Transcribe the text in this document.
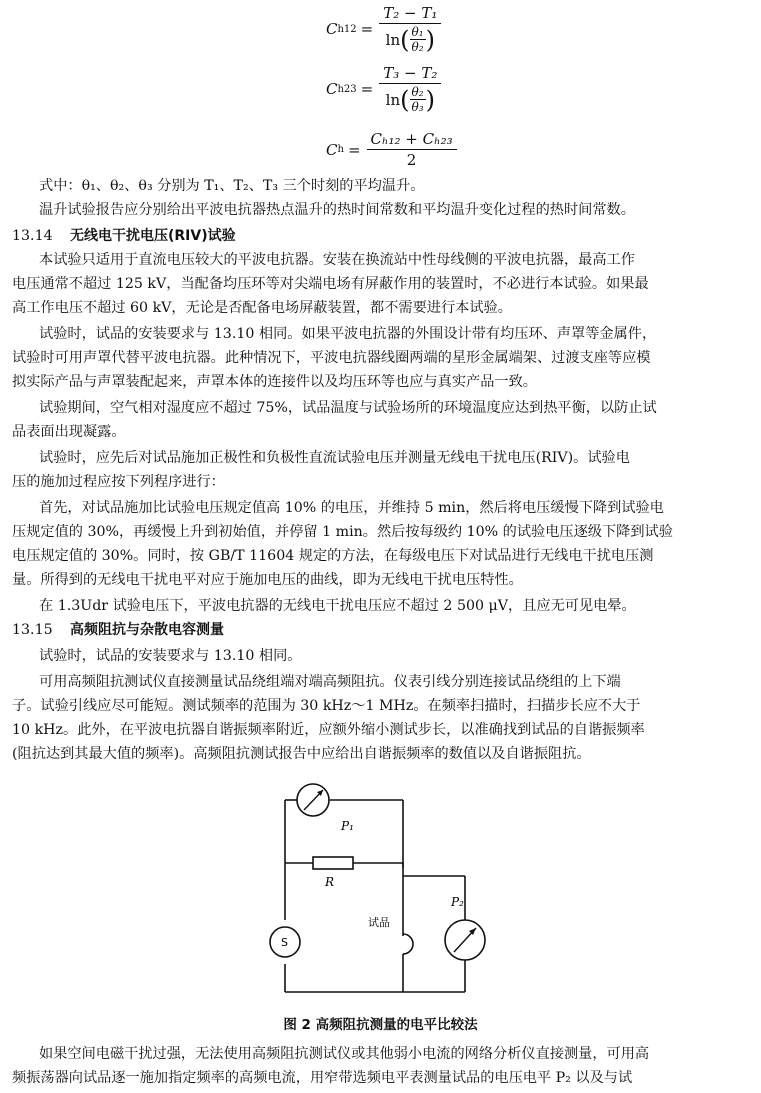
C h12 =
T₂ − T₁
ln ( $\frac{\text{θ₁}}{\text{θ₂}}$ )
C h23 =
T₃ − T₂
ln ( $\frac{\text{θ₂}}{\text{θ₃}}$ )
C $h = \frac{\text{Cₕ₁₂ + Cₕ₂₃}}{2}$
式中：θ₁、θ₂、θ₃ 分别为 T₁、T₂、T₃ 三个时刻的平均温升。
温升试验报告应分别给出平波电抗器热点温升的热时间常数和平均温升变化过程的热时间常数。
13.14 无线电干扰电压(RIV)试验
本试验只适用于直流电压较大的平波电抗器。安装在换流站中性母线侧的平波电抗器，最高工作
电压通常不超过 125 kV，当配备均压环等对尖端电场有屏蔽作用的装置时，不必进行本试验。如果最
高工作电压不超过 60 kV，无论是否配备电场屏蔽装置，都不需要进行本试验。
试验时，试品的安装要求与 13.10 相同。如果平波电抗器的外围设计带有均压环、声罩等金属件，
试验时可用声罩代替平波电抗器。此种情况下，平波电抗器线圈两端的星形金属端架、过渡支座等应模
拟实际产品与声罩装配起来，声罩本体的连接件以及均压环等也应与真实产品一致。
试验期间，空气相对湿度应不超过 75%，试品温度与试验场所的环境温度应达到热平衡，以防止试
品表面出现凝露。
试验时，应先后对试品施加正极性和负极性直流试验电压并测量无线电干扰电压(RIV)。试验电
压的施加过程应按下列程序进行：
首先，对试品施加比试验电压规定值高 10% 的电压，并维持 5 min，然后将电压缓慢下降到试验电
压规定值的 30%，再缓慢上升到初始值，并停留 1 min。然后按每级约 10% 的试验电压逐级下降到试验
电压规定值的 30%。同时，按 GB/T 11604 规定的方法，在每级电压下对试品进行无线电干扰电压测
量。所得到的无线电干扰电平对应于施加电压的曲线，即为无线电干扰电压特性。
在 1.3Udr 试验电压下，平波电抗器的无线电干扰电压应不超过 2 500 μV，且应无可见电晕。
13.15 高频阻抗与杂散电容测量
试验时，试品的安装要求与 13.10 相同。
可用高频阻抗测试仪直接测量试品绕组端对端高频阻抗。仪表引线分别连接试品绕组的上下端
子。试验引线应尽可能短。测试频率的范围为 30 kHz～1 MHz。在频率扫描时，扫描步长应不大于
10 kHz。此外，在平波电抗器自谐振频率附近，应额外缩小测试步长，以准确找到试品的自谐振频率
(阻抗达到其最大值的频率)。高频阻抗测试报告中应给出自谐振频率的数值以及自谐振阻抗。
P₁
R
S
P₂
试品
图 2 高频阻抗测量的电平比较法
如果空间电磁干扰过强，无法使用高频阻抗测试仪或其他弱小电流的网络分析仪直接测量，可用高
频振荡器向试品逐一施加指定频率的高频电流，用窄带选频电平表测量试品的电压电平 P₂ 以及与试
